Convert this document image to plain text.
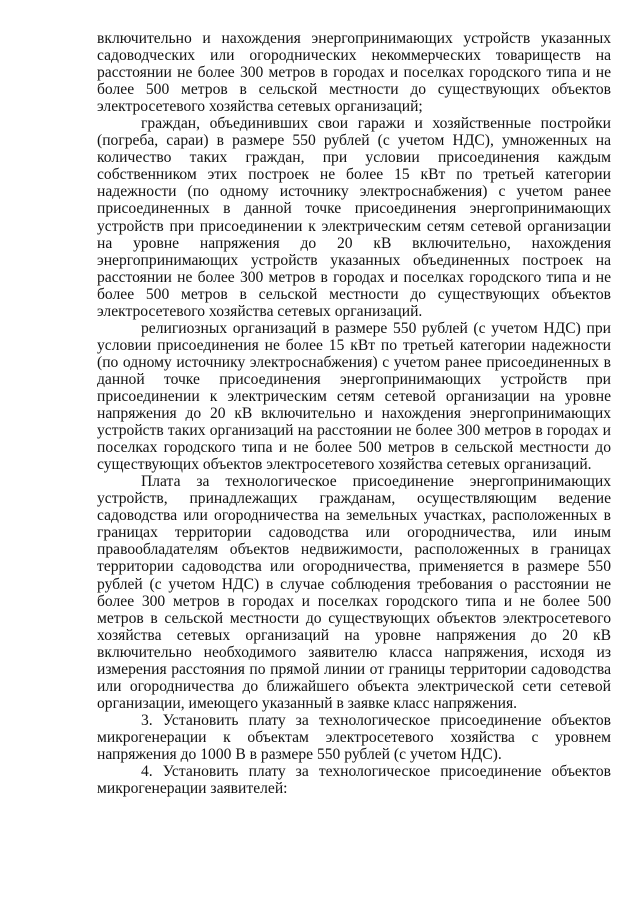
включительно и нахождения энергопринимающих устройств указанных садоводческих или огороднических некоммерческих товариществ на расстоянии не более 300 метров в городах и поселках городского типа и не более 500 метров в сельской местности до существующих объектов электросетевого хозяйства сетевых организаций;

граждан, объединивших свои гаражи и хозяйственные постройки (погреба, сараи) в размере 550 рублей (с учетом НДС), умноженных на количество таких граждан, при условии присоединения каждым собственником этих построек не более 15 кВт по третьей категории надежности (по одному источнику электроснабжения) с учетом ранее присоединенных в данной точке присоединения энергопринимающих устройств при присоединении к электрическим сетям сетевой организации на уровне напряжения до 20 кВ включительно, нахождения энергопринимающих устройств указанных объединенных построек на расстоянии не более 300 метров в городах и поселках городского типа и не более 500 метров в сельской местности до существующих объектов электросетевого хозяйства сетевых организаций.

религиозных организаций в размере 550 рублей (с учетом НДС) при условии присоединения не более 15 кВт по третьей категории надежности (по одному источнику электроснабжения) с учетом ранее присоединенных в данной точке присоединения энергопринимающих устройств при присоединении к электрическим сетям сетевой организации на уровне напряжения до 20 кВ включительно и нахождения энергопринимающих устройств таких организаций на расстоянии не более 300 метров в городах и поселках городского типа и не более 500 метров в сельской местности до существующих объектов электросетевого хозяйства сетевых организаций.

Плата за технологическое присоединение энергопринимающих устройств, принадлежащих гражданам, осуществляющим ведение садоводства или огородничества на земельных участках, расположенных в границах территории садоводства или огородничества, или иным правообладателям объектов недвижимости, расположенных в границах территории садоводства или огородничества, применяется в размере 550 рублей (с учетом НДС) в случае соблюдения требования о расстоянии не более 300 метров в городах и поселках городского типа и не более 500 метров в сельской местности до существующих объектов электросетевого хозяйства сетевых организаций на уровне напряжения до 20 кВ включительно необходимого заявителю класса напряжения, исходя из измерения расстояния по прямой линии от границы территории садоводства или огородничества до ближайшего объекта электрической сети сетевой организации, имеющего указанный в заявке класс напряжения.

3. Установить плату за технологическое присоединение объектов микрогенерации к объектам электросетевого хозяйства с уровнем напряжения до 1000 В в размере 550 рублей (с учетом НДС).

4. Установить плату за технологическое присоединение объектов микрогенерации заявителей:
